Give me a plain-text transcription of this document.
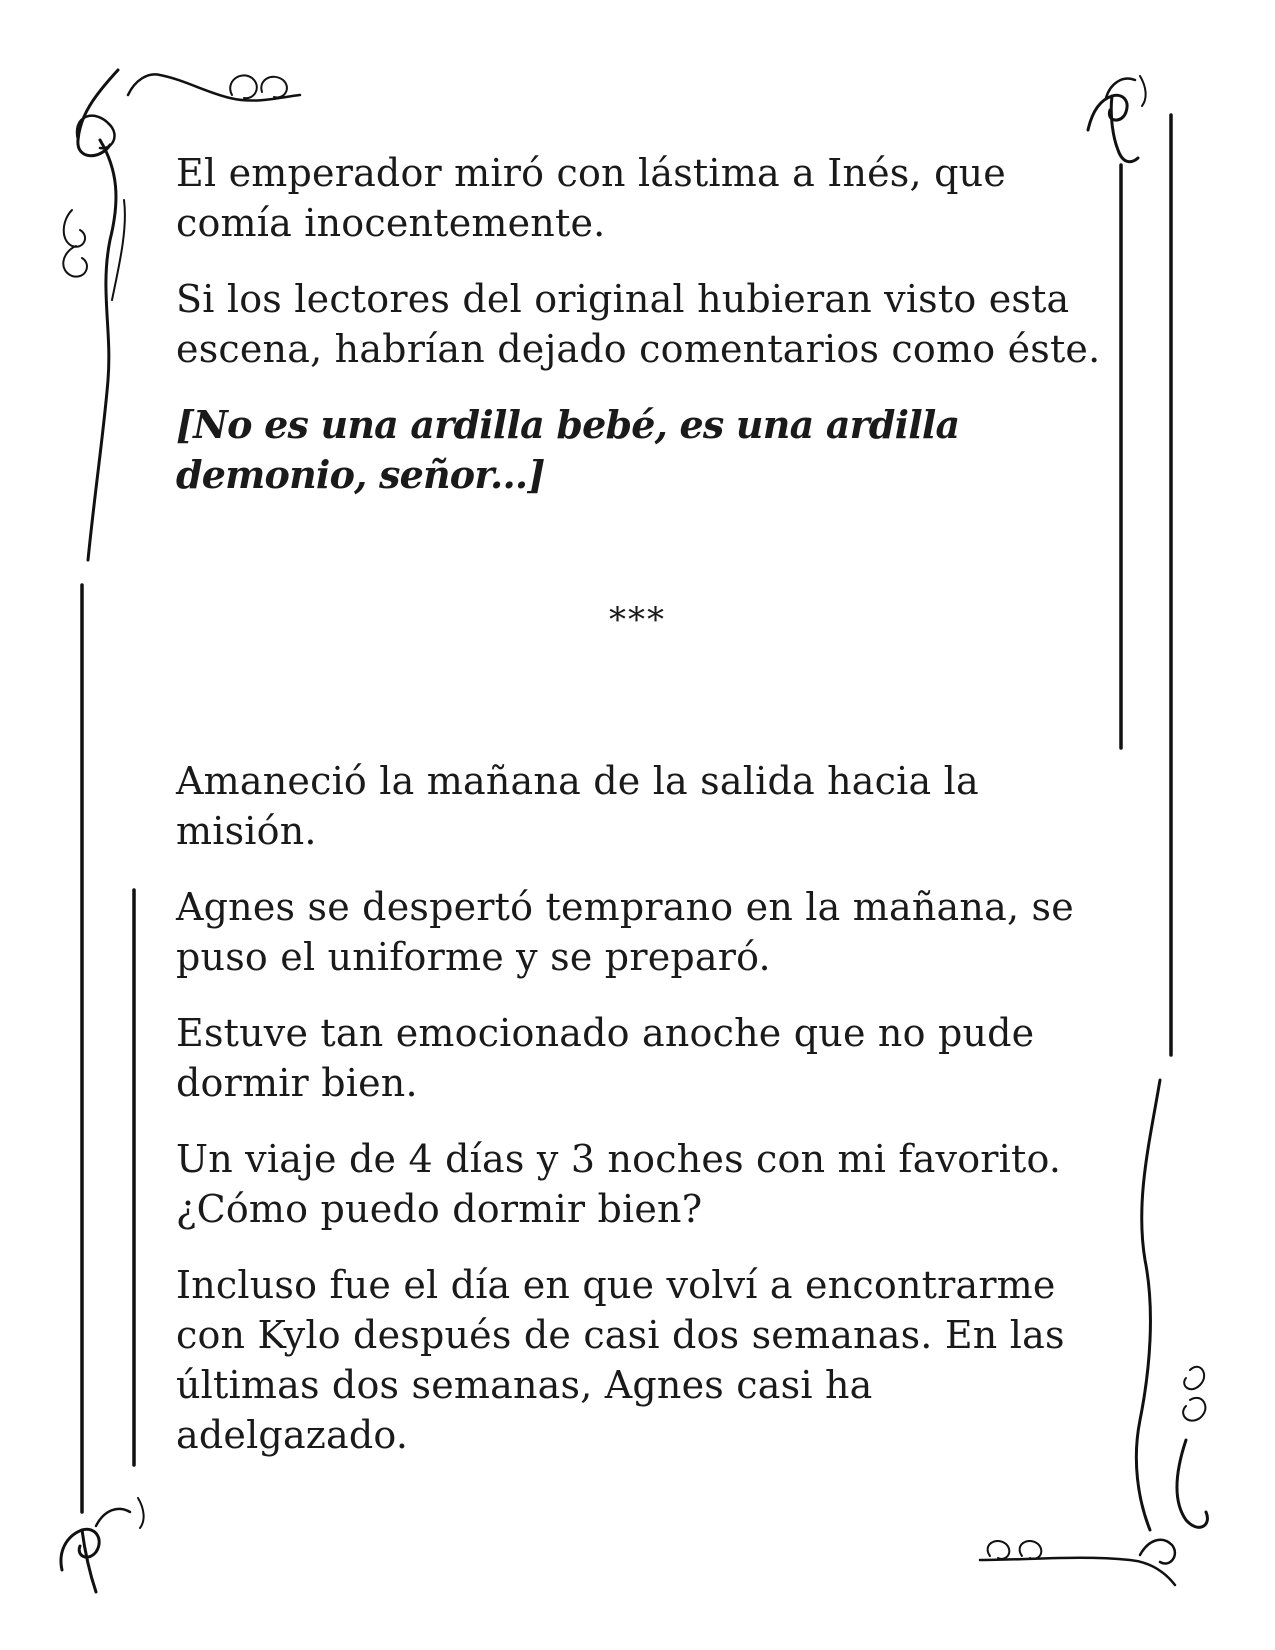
El emperador miró con lástima a Inés, que comía inocentemente.

Si los lectores del original hubieran visto esta escena, habrían dejado comentarios como éste.

[No es una ardilla bebé, es una ardilla demonio, señor...]

***

Amaneció la mañana de la salida hacia la misión.

Agnes se despertó temprano en la mañana, se puso el uniforme y se preparó.

Estuve tan emocionado anoche que no pude dormir bien.

Un viaje de 4 días y 3 noches con mi favorito. ¿Cómo puedo dormir bien?

Incluso fue el día en que volví a encontrarme con Kylo después de casi dos semanas. En las últimas dos semanas, Agnes casi ha adelgazado.
